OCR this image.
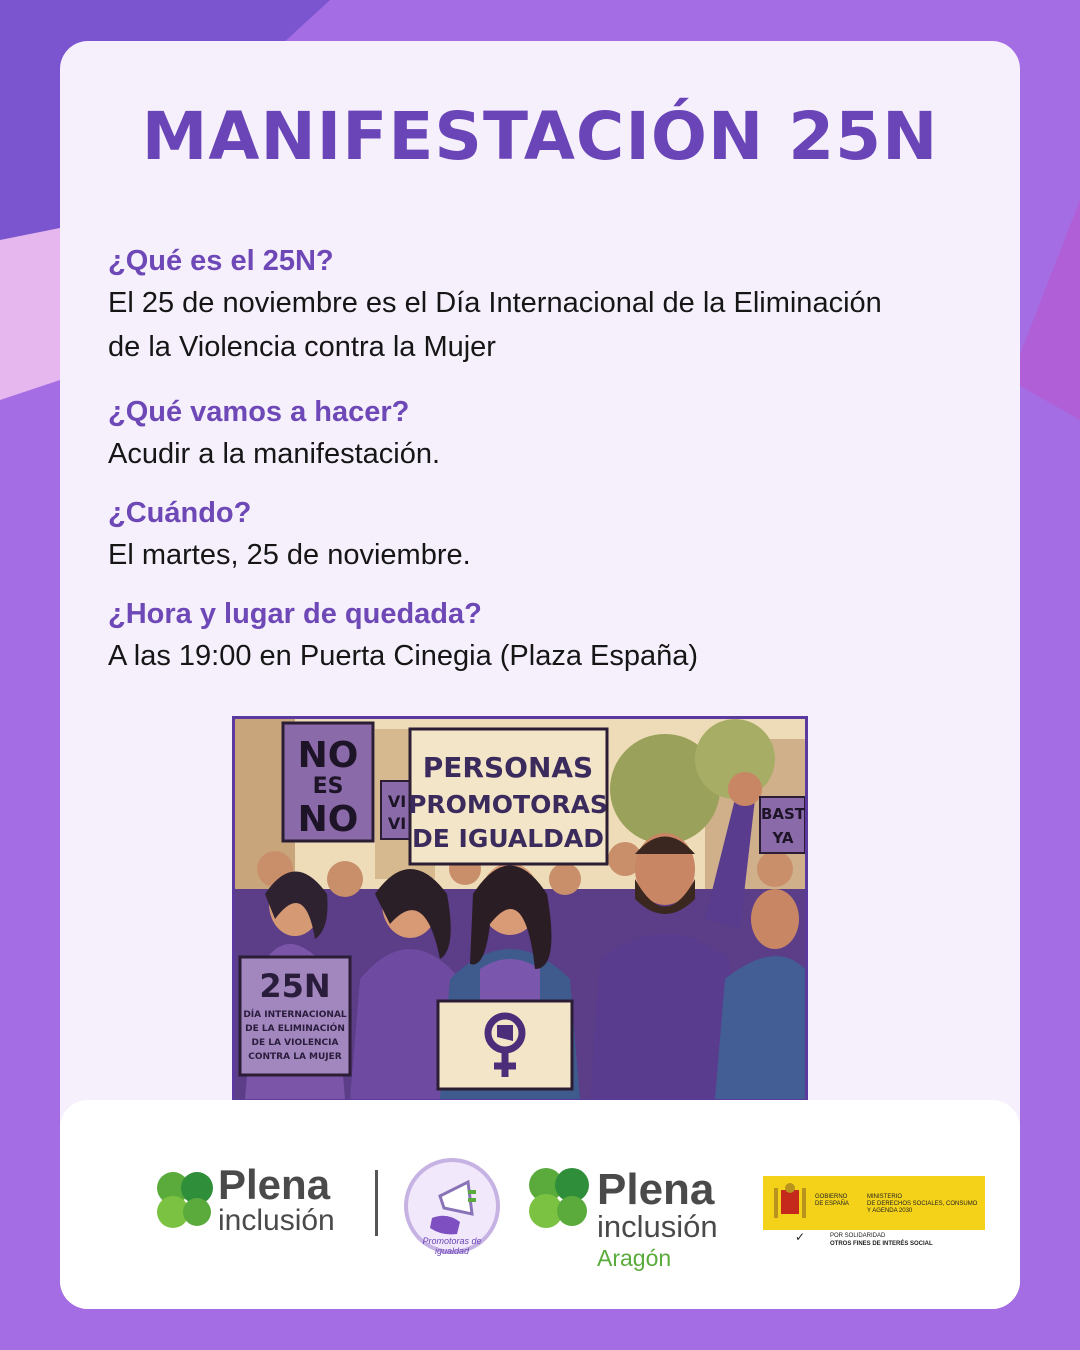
MANIFESTACIÓN 25N
¿Qué es el 25N?
El 25 de noviembre es el Día Internacional de la Eliminación
de la Violencia contra la Mujer
¿Qué vamos a hacer?
Acudir a la manifestación.
¿Cuándo?
El martes, 25 de noviembre.
¿Hora y lugar de quedada?
A las 19:00 en Puerta Cinegia (Plaza España)
NO
ES
NO VI
VI
PERSONAS
PROMOTORAS
DE IGUALDAD
BAST
YA
25N
DÍA INTERNACIONAL
DE LA ELIMINACIÓN
DE LA VIOLENCIA
CONTRA LA MUJER
Plena
inclusión
Promotoras de igualdad
Plena
inclusión
Aragón
GOBIERNO
DE ESPAÑA
MINISTERIO
DE DERECHOS SOCIALES, CONSUMO
Y AGENDA 2030
✓	POR SOLIDARIDAD
OTROS FINES DE INTERÉS SOCIAL
